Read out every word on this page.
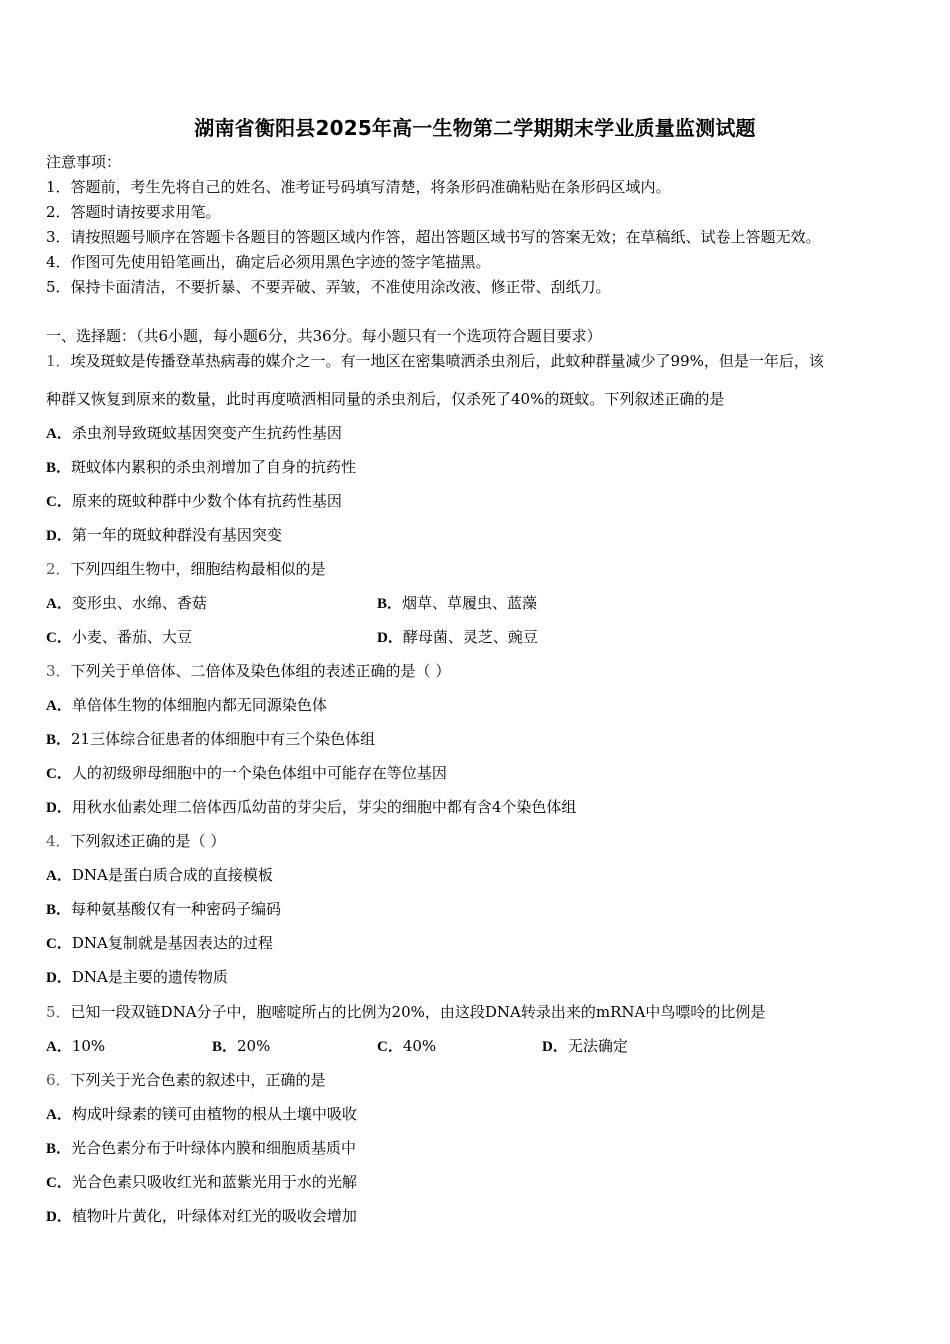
湖南省衡阳县2025年高一生物第二学期期末学业质量监测试题
注意事项：
1．答题前，考生先将自己的姓名、准考证号码填写清楚，将条形码准确粘贴在条形码区域内。
2．答题时请按要求用笔。
3．请按照题号顺序在答题卡各题目的答题区域内作答，超出答题区域书写的答案无效；在草稿纸、试卷上答题无效。
4．作图可先使用铅笔画出，确定后必须用黑色字迹的签字笔描黑。
5．保持卡面清洁，不要折暴、不要弄破、弄皱，不准使用涂改液、修正带、刮纸刀。
一、选择题：（共6小题，每小题6分，共36分。每小题只有一个选项符合题目要求）
1．埃及斑蚊是传播登革热病毒的媒介之一。有一地区在密集喷洒杀虫剂后，此蚊种群量减少了99%，但是一年后，该
种群又恢复到原来的数量，此时再度喷洒相同量的杀虫剂后，仅杀死了40%的斑蚊。下列叙述正确的是
A．杀虫剂导致斑蚊基因突变产生抗药性基因
B．斑蚊体内累积的杀虫剂增加了自身的抗药性
C．原来的斑蚊种群中少数个体有抗药性基因
D．第一年的斑蚊种群没有基因突变
2．下列四组生物中，细胞结构最相似的是
A．变形虫、水绵、香菇	B．烟草、草履虫、蓝藻
C．小麦、番茄、大豆	D．酵母菌、灵芝、豌豆
3．下列关于单倍体、二倍体及染色体组的表述正确的是（ ）
A．单倍体生物的体细胞内都无同源染色体
B．21三体综合征患者的体细胞中有三个染色体组
C．人的初级卵母细胞中的一个染色体组中可能存在等位基因
D．用秋水仙素处理二倍体西瓜幼苗的芽尖后，芽尖的细胞中都有含4个染色体组
4．下列叙述正确的是（ ）
A．DNA是蛋白质合成的直接模板
B．每种氨基酸仅有一种密码子编码
C．DNA复制就是基因表达的过程
D．DNA是主要的遗传物质
5．已知一段双链DNA分子中，胞嘧啶所占的比例为20%，由这段DNA转录出来的mRNA中鸟嘌呤的比例是
A．10%	B．20%	C．40%	D．无法确定
6．下列关于光合色素的叙述中，正确的是
A．构成叶绿素的镁可由植物的根从土壤中吸收
B．光合色素分布于叶绿体内膜和细胞质基质中
C．光合色素只吸收红光和蓝紫光用于水的光解
D．植物叶片黄化，叶绿体对红光的吸收会增加
